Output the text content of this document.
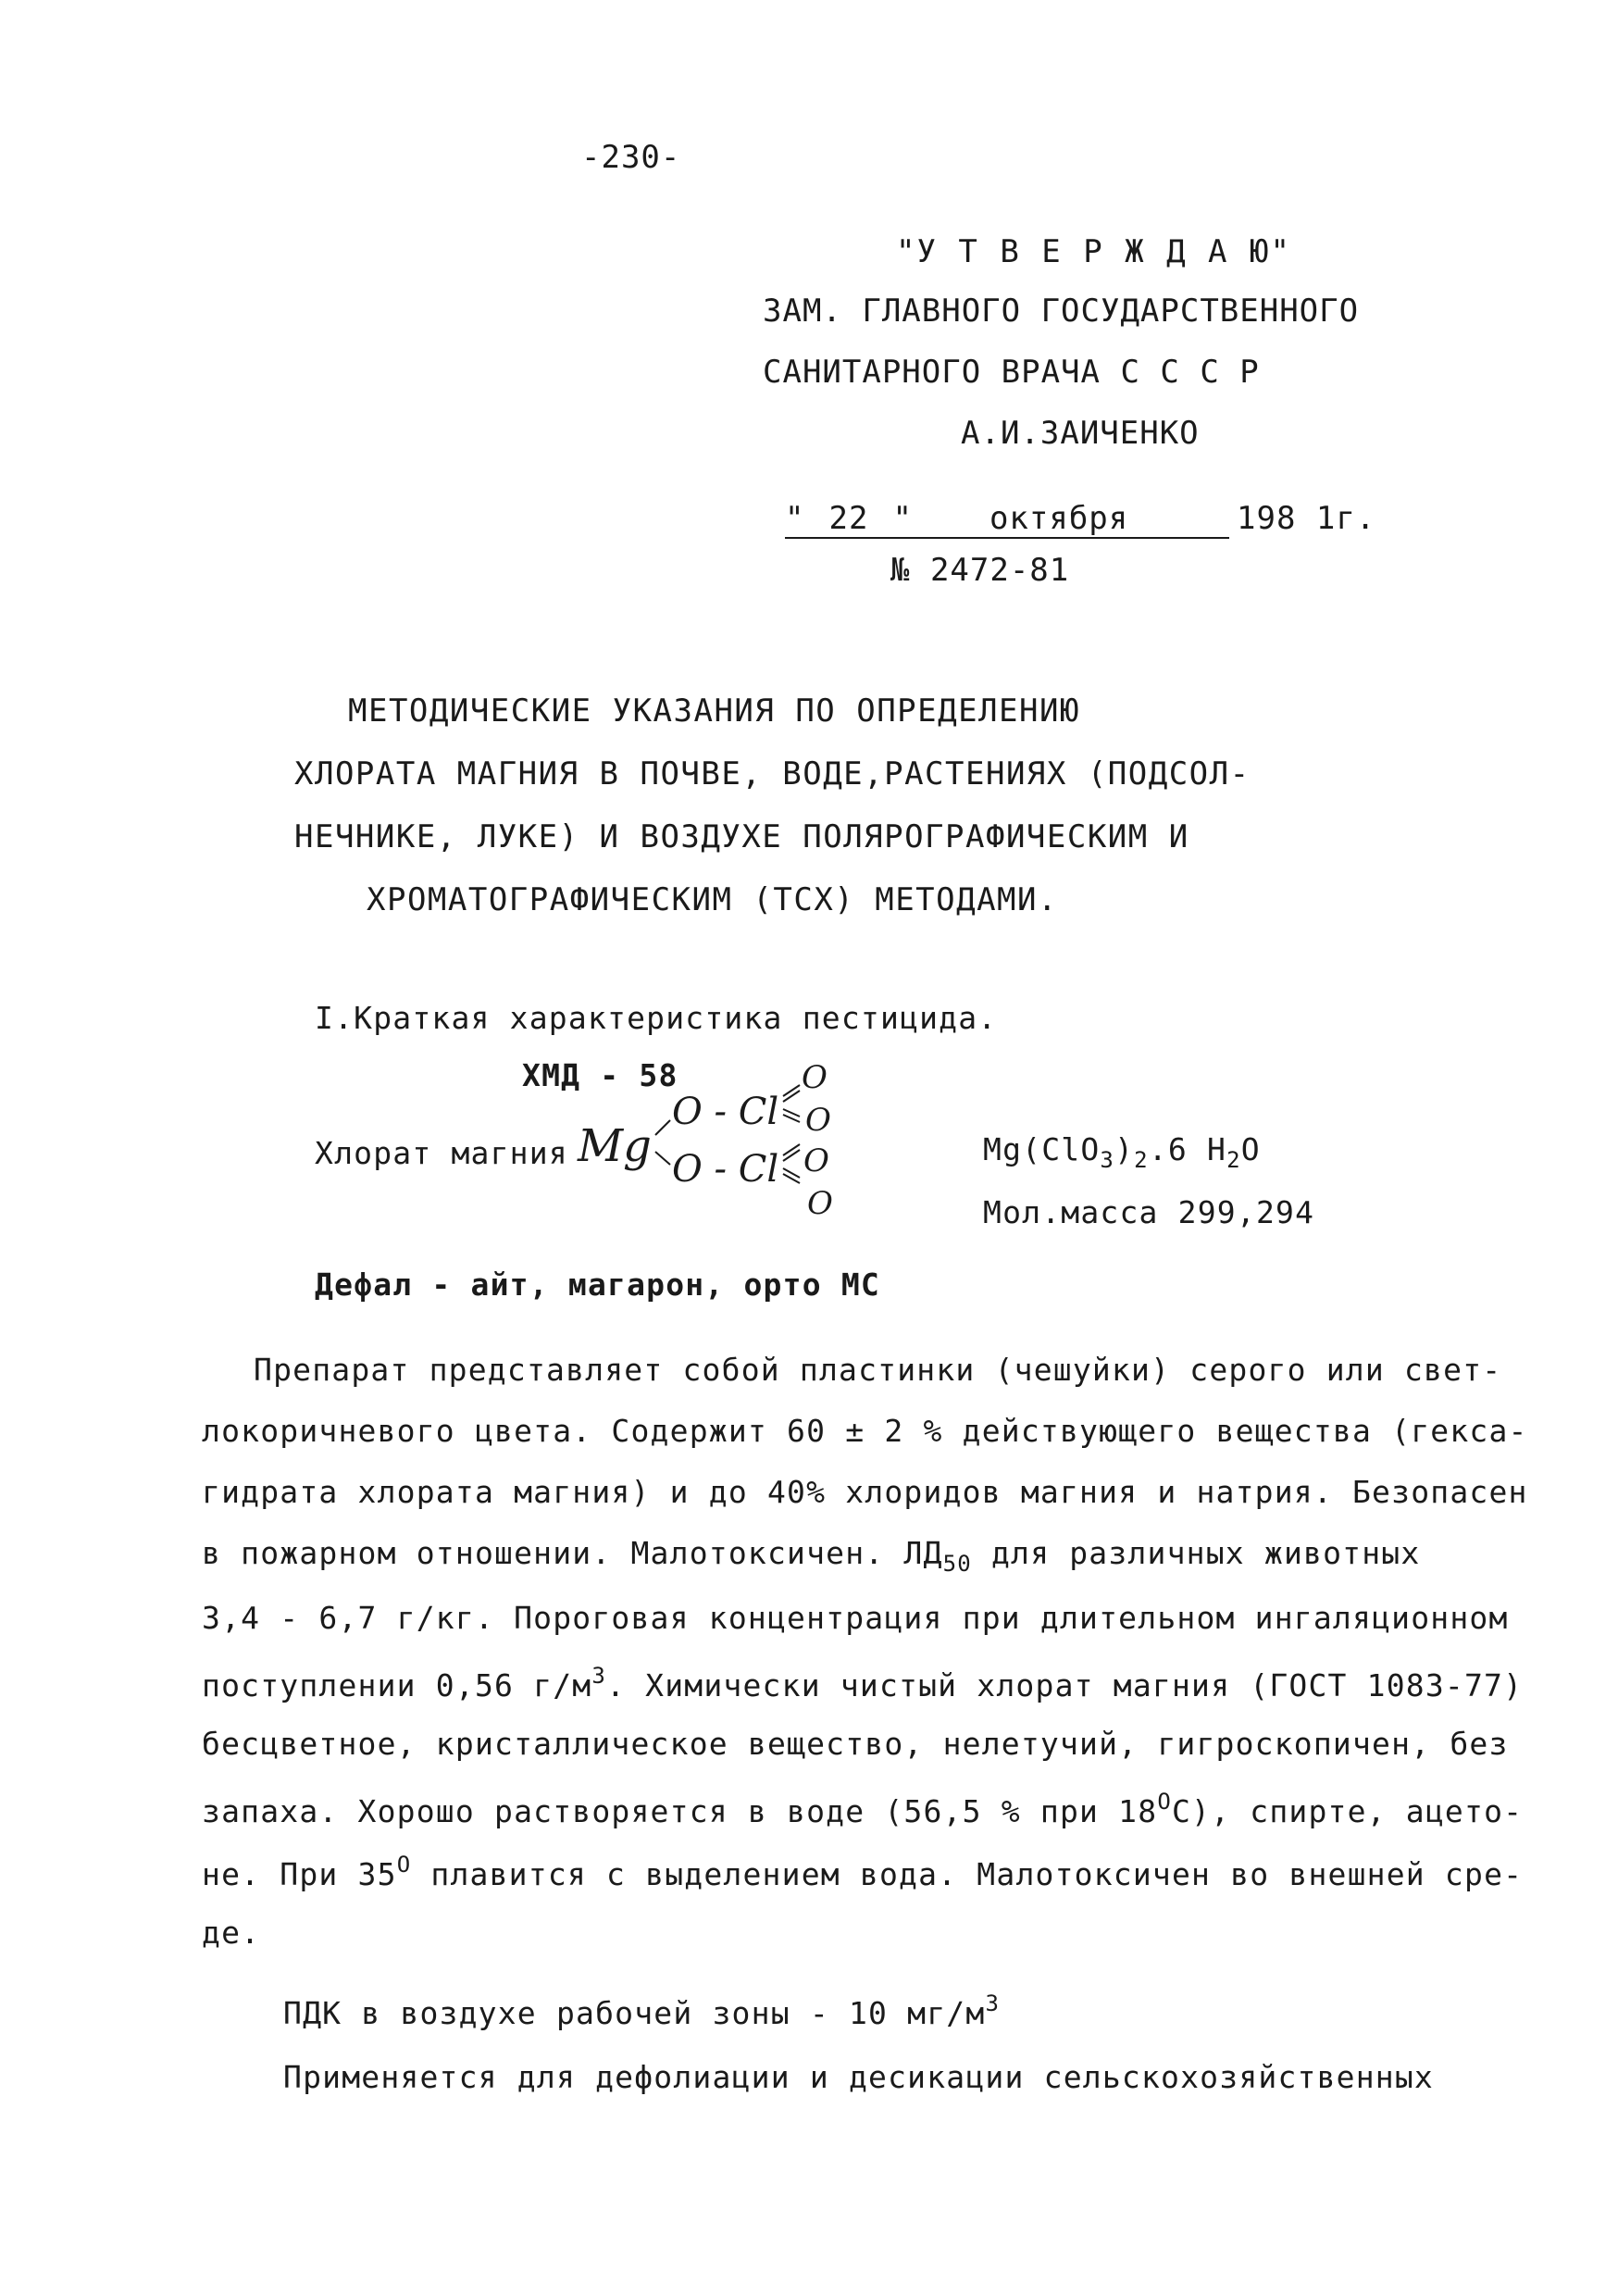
-230-
"У Т В Е Р Ж Д А Ю"
ЗАМ. ГЛАВНОГО ГОСУДАРСТВЕННОГО
САНИТАРНОГО ВРАЧА С С С Р
А.И.ЗАИЧЕНКО
" 22 " октября	198 1г.
№ 2472-81
МЕТОДИЧЕСКИЕ УКАЗАНИЯ ПО ОПРЕДЕЛЕНИЮ
ХЛОРАТА МАГНИЯ В ПОЧВЕ, ВОДЕ,РАСТЕНИЯХ (ПОДСОЛ-
НЕЧНИКЕ, ЛУКЕ) И ВОЗДУХЕ ПОЛЯРОГРАФИЧЕСКИМ И
ХРОМАТОГРАФИЧЕСКИМ (ТСХ) МЕТОДАМИ.
I.Краткая характеристика пестицида.
ХМД - 58
Хлорат магния Mg
O - Cl
O - Cl
O
O
O
O
$Mg(ClO_3)_2.6$ $H_2O$
Мол.масса 299,294
Дефал - айт, магарон, орто МС
Препарат представляет собой пластинки (чешуйки) серого или свет-
локоричневого цвета. Содержит 60 ± 2 % действующего вещества (гекса-
гидрата хлората магния) и до 40% хлоридов магния и натрия. Безопасен
в пожарном отношении. Малотоксичен. $ЛД_{50}$ для различных животных
3,4 - 6,7 г/кг. Пороговая концентрация при длительном ингаляционном
поступлении 0,56 $г/м^3$. Химически чистый хлорат магния (ГОСТ 1083-77)
бесцветное, кристаллическое вещество, нелетучий, гигроскопичен, без
запаха. Хорошо растворяется в воде (56,5 % при $18^ОС$), спирте, ацето-
не. При $35^О$ плавится с выделением вода. Малотоксичен во внешней сре-
де.
ПДК в воздухе рабочей зоны - 10 $мг/м^3$
Применяется для дефолиации и десикации сельскохозяйственных
